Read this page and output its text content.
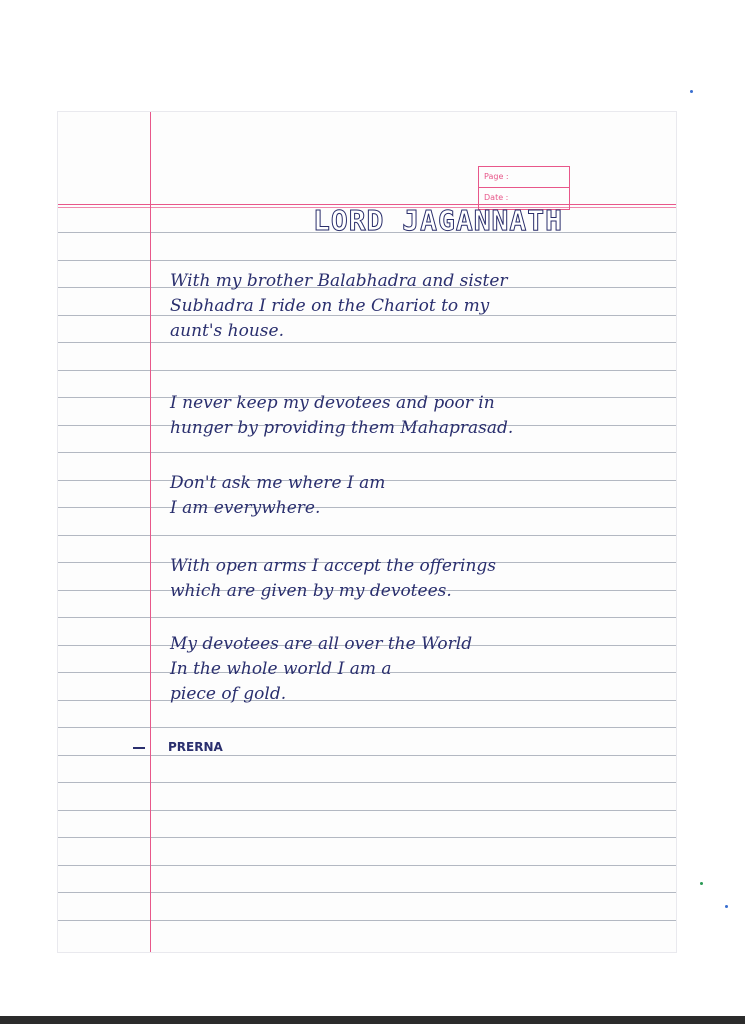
Page :
Date :
LORD JAGANNATH

With my brother Balabhadra and sister
Subhadra I ride on the Chariot to my
aunt's house.

I never keep my devotees and poor in
hunger by providing them Mahaprasad.

Don't ask me where I am
I am everywhere.

With open arms I accept the offerings
which are given by my devotees.

My devotees are all over the World
In the whole world I am a
piece of gold.

PRERNA
